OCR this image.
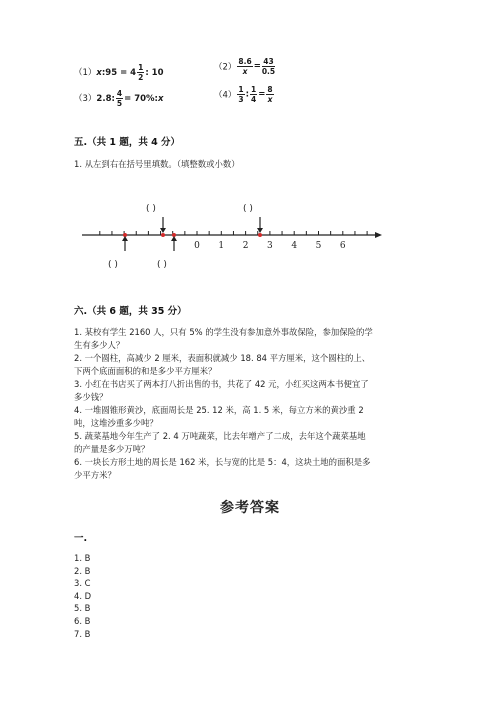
（1）x:95 = $4 \frac{1}{2}$ : 10
$(2) \frac{8.6}{x} = \frac{43}{0.5}$
（3）2.8: $\frac{4}{5}$ = 70%:x	$(4) \frac{1}{3}$ : $\frac{1}{4} = \frac{8}{x}$
五.（共 1 题，共 4 分）
1. 从左到右在括号里填数。（填整数或小数）
0 1 2 3 4 5 6
( )	( )
( )	( )
六.（共 6 题，共 35 分）
1. 某校有学生 2160 人，只有 5% 的学生没有参加意外事故保险，参加保险的学
生有多少人？
2. 一个圆柱，高减少 2 厘米，表面积就减少 18. 84 平方厘米，这个圆柱的上、
下两个底面面积的和是多少平方厘米？
3. 小红在书店买了两本打八折出售的书，共花了 42 元，小红买这两本书便宜了
多少钱？
4. 一堆圆锥形黄沙，底面周长是 25. 12 米，高 1. 5 米，每立方米的黄沙重 2
吨，这堆沙重多少吨？
5. 蔬菜基地今年生产了 2. 4 万吨蔬菜，比去年增产了二成，去年这个蔬菜基地
的产量是多少万吨？
6. 一块长方形土地的周长是 162 米，长与宽的比是 5：4，这块土地的面积是多
少平方米？
参考答案
一.
1. B
2. B
3. C
4. D
5. B
6. B
7. B
